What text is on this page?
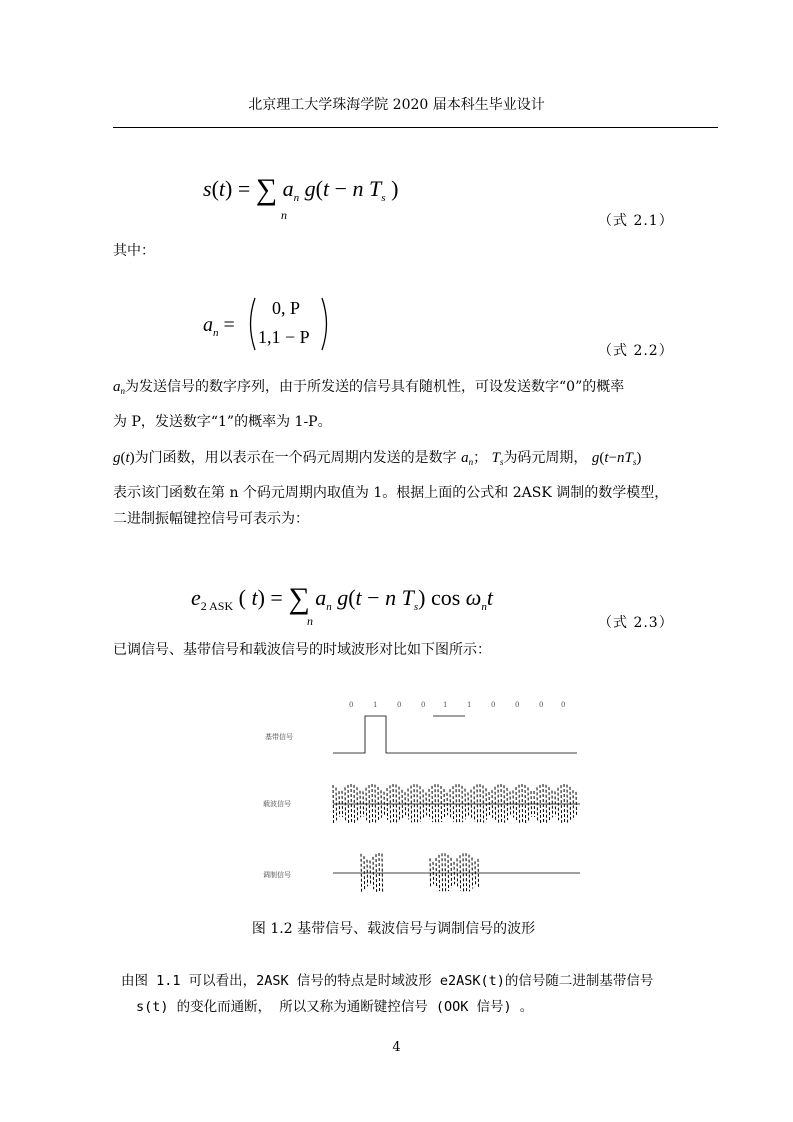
北京理工大学珠海学院 2020 届本科生毕业设计
s(t) = ∑ $a_n$ g(t − n $T_s$ )
n	（式 2.1）
其中：
$a_n$ =
0, P
1,1 − P
（式 2.2）
$a_n$为发送信号的数字序列，由于所发送的信号具有随机性，可设发送数字“0”的概率
为 P，发送数字“1”的概率为 1-P。
g(t)为门函数，用以表示在一个码元周期内发送的是数字 $a_n$； $T_s$为码元周期， $g(t-nT_s)$
表示该门函数在第 n 个码元周期内取值为 1。根据上面的公式和 2ASK 调制的数学模型，
二进制振幅键控信号可表示为：
$e_{2 ASK}$ ( t) = ∑ $a_n$ g(t − n $T_s$) $\cos \omega_nt$
n	（式 2.3）
已调信号、基带信号和载波信号的时域波形对比如下图所示：
0	1	0	0	1	1	0	0	0	0
基带信号
载波信号
调制信号
图 1.2 基带信号、载波信号与调制信号的波形
由图 1.1 可以看出，2ASK 信号的特点是时域波形 e2ASK(t)的信号随二进制基带信号
s(t) 的变化而通断， 所以又称为通断键控信号 (OOK 信号) 。
4
